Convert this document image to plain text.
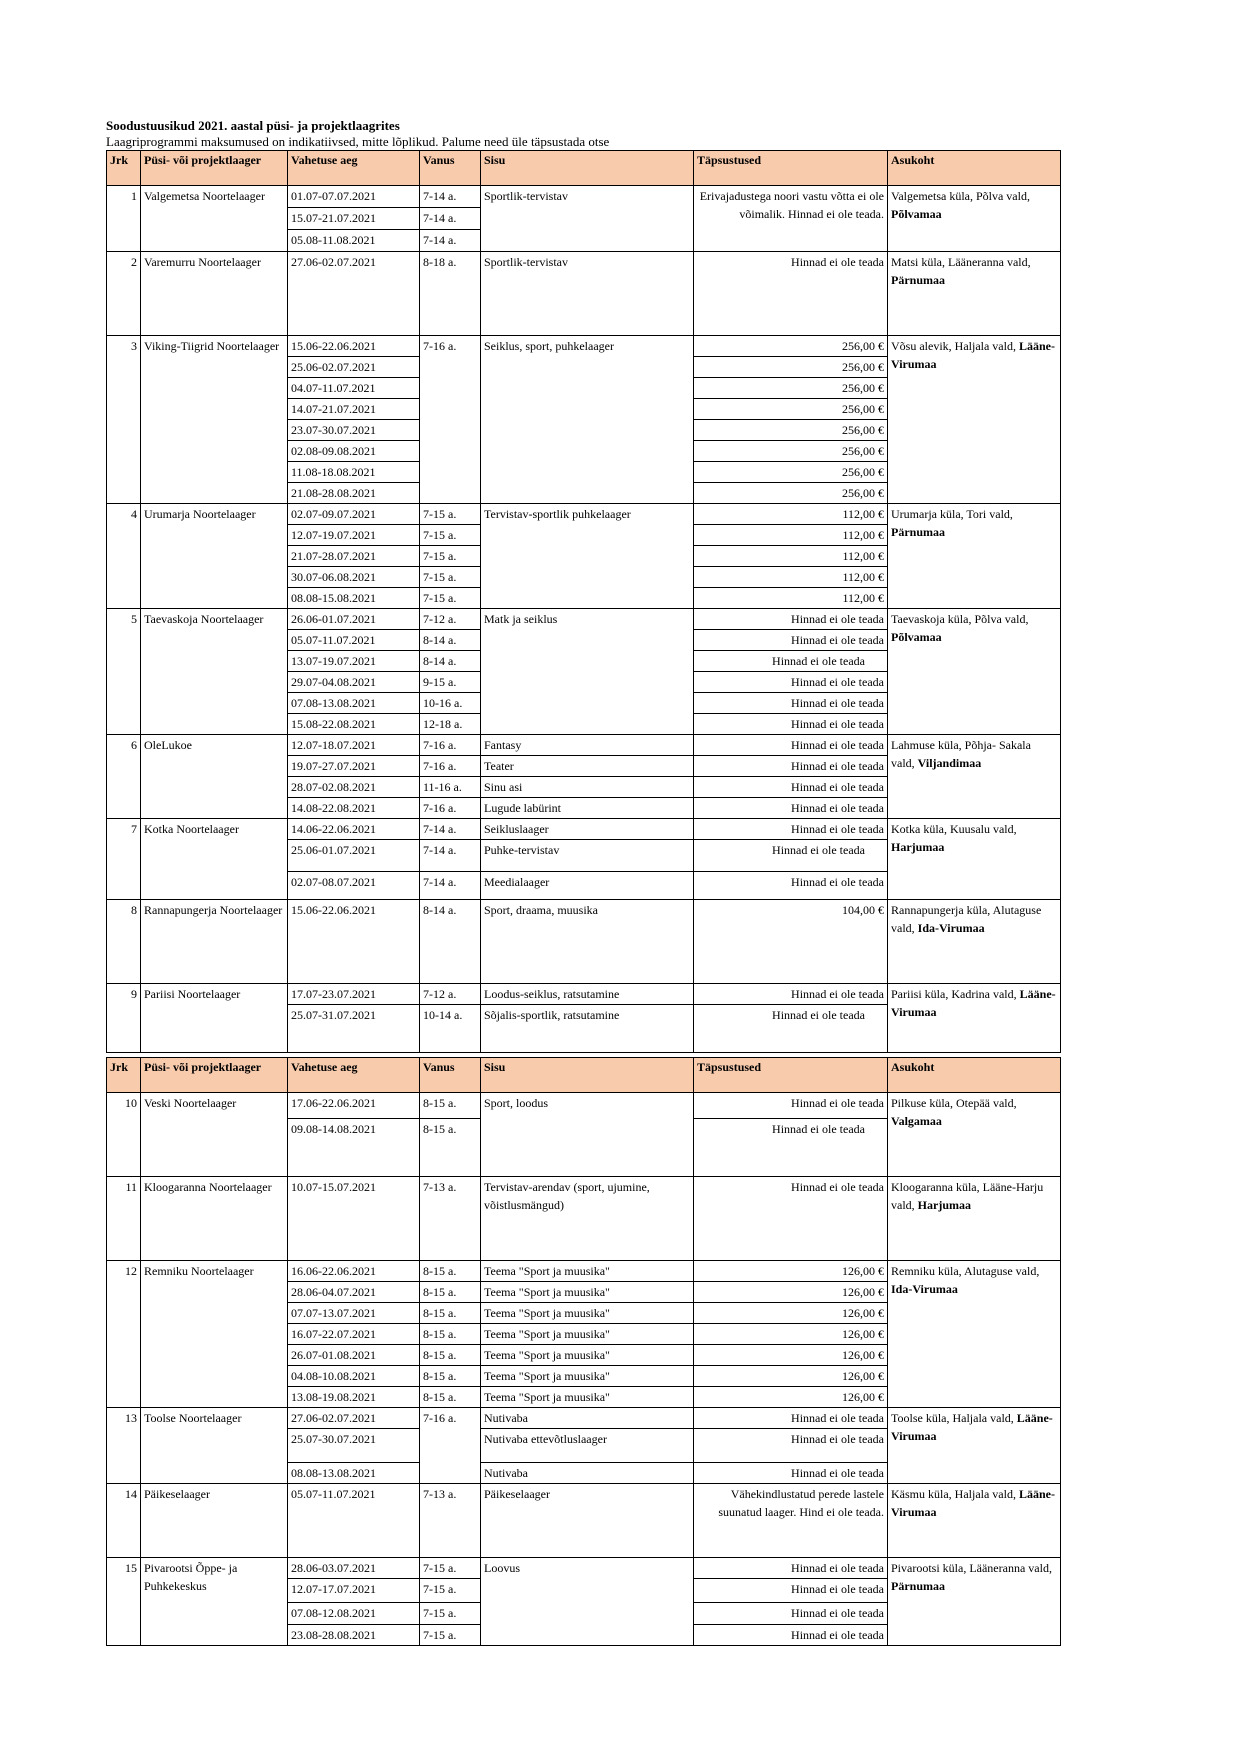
Soodustuusikud 2021. aastal püsi- ja projektlaagrites
Laagriprogrammi maksumused on indikatiivsed, mitte lõplikud. Palume need üle täpsustada otse
Jrk	Püsi- või projektlaager	Vahetuse aeg	Vanus	Sisu	Täpsustused	Asukoht
1	Valgemetsa Noortelaager	01.07-07.07.2021	7-14 a.	Sportlik-tervistav	Erivajadustega noori vastu võtta ei ole võimalik. Hinnad ei ole teada.	Valgemetsa küla, Põlva vald, Põlvamaa
		15.07-21.07.2021	7-14 a.			
		05.08-11.08.2021	7-14 a.			
2	Varemurru Noortelaager	27.06-02.07.2021	8-18 a.	Sportlik-tervistav	Hinnad ei ole teada	Matsi küla, Lääneranna vald, Pärnumaa
3	Viking-Tiigrid Noortelaager	15.06-22.06.2021	7-16 a.	Seiklus, sport, puhkelaager	256,00 €	Võsu alevik, Haljala vald, Lääne-Virumaa
		25.06-02.07.2021			256,00 €	
		04.07-11.07.2021			256,00 €	
		14.07-21.07.2021			256,00 €	
		23.07-30.07.2021			256,00 €	
		02.08-09.08.2021			256,00 €	
		11.08-18.08.2021			256,00 €	
		21.08-28.08.2021			256,00 €	
4	Urumarja Noortelaager	02.07-09.07.2021	7-15 a.	Tervistav-sportlik puhkelaager	112,00 €	Urumarja küla, Tori vald, Pärnumaa
		12.07-19.07.2021	7-15 a.		112,00 €	
		21.07-28.07.2021	7-15 a.		112,00 €	
		30.07-06.08.2021	7-15 a.		112,00 €	
		08.08-15.08.2021	7-15 a.		112,00 €	
5	Taevaskoja Noortelaager	26.06-01.07.2021	7-12 a.	Matk ja seiklus	Hinnad ei ole teada	Taevaskoja küla, Põlva vald, Põlvamaa
		05.07-11.07.2021	8-14 a.		Hinnad ei ole teada	
		13.07-19.07.2021	8-14 a.		Hinnad ei ole teada	
		29.07-04.08.2021	9-15 a.		Hinnad ei ole teada	
		07.08-13.08.2021	10-16 a.		Hinnad ei ole teada	
		15.08-22.08.2021	12-18 a.		Hinnad ei ole teada	
6	OleLukoe	12.07-18.07.2021	7-16 a.	Fantasy	Hinnad ei ole teada	Lahmuse küla, Põhja- Sakala vald, Viljandimaa
		19.07-27.07.2021	7-16 a.	Teater	Hinnad ei ole teada	
		28.07-02.08.2021	11-16 a.	Sinu asi	Hinnad ei ole teada	
		14.08-22.08.2021	7-16 a.	Lugude labürint	Hinnad ei ole teada	
7	Kotka Noortelaager	14.06-22.06.2021	7-14 a.	Seikluslaager	Hinnad ei ole teada	Kotka küla, Kuusalu vald, Harjumaa
		25.06-01.07.2021	7-14 a.	Puhke-tervistav	Hinnad ei ole teada	
		02.07-08.07.2021	7-14 a.	Meedialaager	Hinnad ei ole teada	
8	Rannapungerja Noortelaager	15.06-22.06.2021	8-14 a.	Sport, draama, muusika	104,00 €	Rannapungerja küla, Alutaguse vald, Ida-Virumaa
9	Pariisi Noortelaager	17.07-23.07.2021	7-12 a.	Loodus-seiklus, ratsutamine	Hinnad ei ole teada	Pariisi küla, Kadrina vald, Lääne-Virumaa
		25.07-31.07.2021	10-14 a.	Sõjalis-sportlik, ratsutamine	Hinnad ei ole teada	

Jrk	Püsi- või projektlaager	Vahetuse aeg	Vanus	Sisu	Täpsustused	Asukoht
10	Veski Noortelaager	17.06-22.06.2021	8-15 a.	Sport, loodus	Hinnad ei ole teada	Pilkuse küla, Otepää vald, Valgamaa
		09.08-14.08.2021	8-15 a.		Hinnad ei ole teada	
11	Kloogaranna Noortelaager	10.07-15.07.2021	7-13 a.	Tervistav-arendav (sport, ujumine, võistlusmängud)	Hinnad ei ole teada	Kloogaranna küla, Lääne-Harju vald, Harjumaa
12	Remniku Noortelaager	16.06-22.06.2021	8-15 a.	Teema "Sport ja muusika"	126,00 €	Remniku küla, Alutaguse vald, Ida-Virumaa
		28.06-04.07.2021	8-15 a.	Teema "Sport ja muusika"	126,00 €	
		07.07-13.07.2021	8-15 a.	Teema "Sport ja muusika"	126,00 €	
		16.07-22.07.2021	8-15 a.	Teema "Sport ja muusika"	126,00 €	
		26.07-01.08.2021	8-15 a.	Teema "Sport ja muusika"	126,00 €	
		04.08-10.08.2021	8-15 a.	Teema "Sport ja muusika"	126,00 €	
		13.08-19.08.2021	8-15 a.	Teema "Sport ja muusika"	126,00 €	
13	Toolse Noortelaager	27.06-02.07.2021	7-16 a.	Nutivaba	Hinnad ei ole teada	Toolse küla, Haljala vald, Lääne-Virumaa
		25.07-30.07.2021		Nutivaba ettevõtluslaager	Hinnad ei ole teada	
		08.08-13.08.2021		Nutivaba	Hinnad ei ole teada	
14	Päikeselaager	05.07-11.07.2021	7-13 a.	Päikeselaager	Vähekindlustatud perede lastele suunatud laager. Hind ei ole teada.	Käsmu küla, Haljala vald, Lääne-Virumaa
15	Pivarootsi Õppe- ja Puhkekeskus	28.06-03.07.2021	7-15 a.	Loovus	Hinnad ei ole teada	Pivarootsi küla, Lääneranna vald, Pärnumaa
		12.07-17.07.2021	7-15 a.		Hinnad ei ole teada	
		07.08-12.08.2021	7-15 a.		Hinnad ei ole teada	
		23.08-28.08.2021	7-15 a.		Hinnad ei ole teada	
